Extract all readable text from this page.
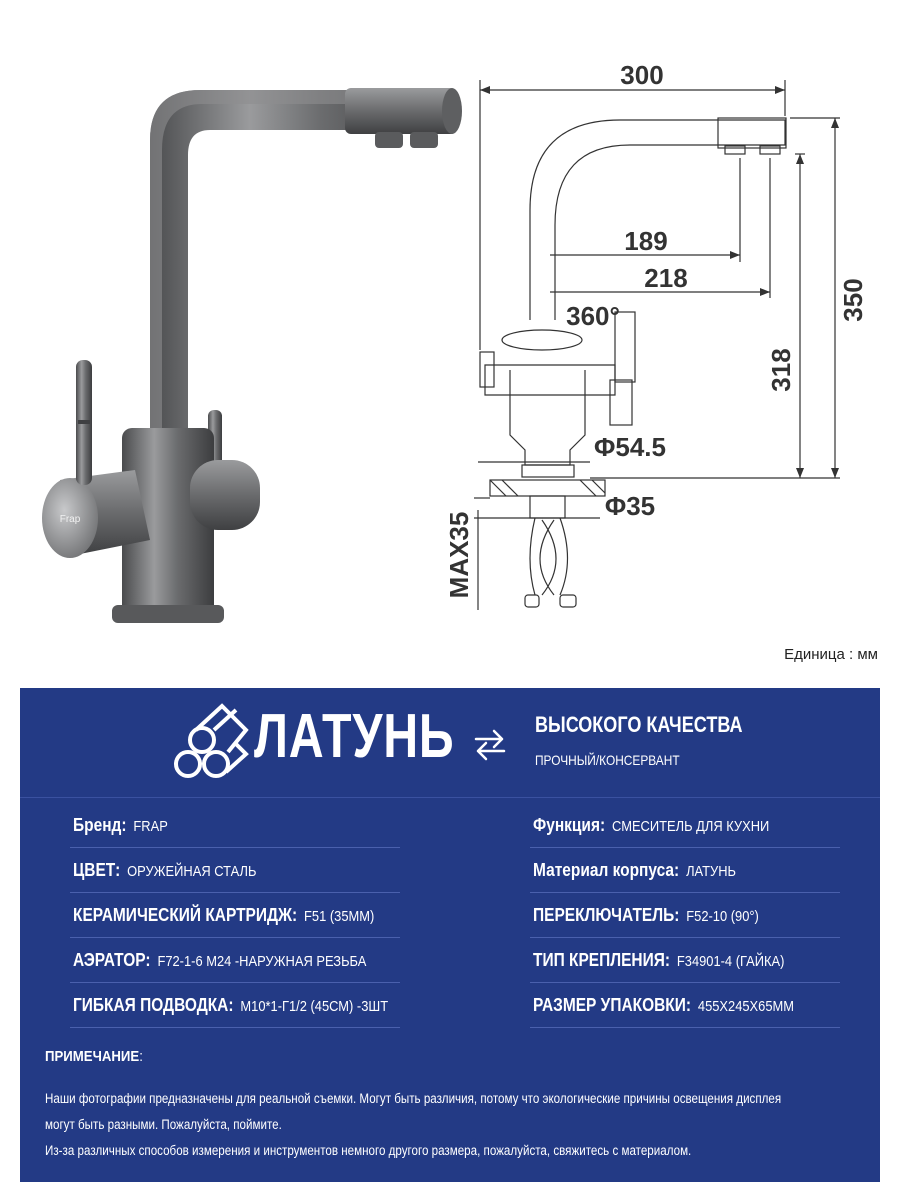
Frap
300
189
218
360°
Φ54.5
Φ35
350
318
MAX35
Единица : мм
ЛАТУНЬ	ВЫСОКОГО КАЧЕСТВА
ПРОЧНЫЙ/КОНСЕРВАНТ
Бренд: FRAP	Функция: СМЕСИТЕЛЬ ДЛЯ КУХНИ
ЦВЕТ: ОРУЖЕЙНАЯ СТАЛЬ	Материал корпуса: ЛАТУНЬ
КЕРАМИЧЕСКИЙ КАРТРИДЖ: F51 (35ММ)	ПЕРЕКЛЮЧАТЕЛЬ: F52-10 (90°)
АЭРАТОР: F72-1-6 M24 -НАРУЖНАЯ РЕЗЬБА	ТИП КРЕПЛЕНИЯ: F34901-4 (ГАЙКА)
ГИБКАЯ ПОДВОДКА: M10*1-Г1/2 (45СМ) -3ШТ	РАЗМЕР УПАКОВКИ: 455X245X65ММ
ПРИМЕЧАНИЕ:
Наши фотографии предназначены для реальной съемки. Могут быть различия, потому что экологические причины освещения дисплея
могут быть разными. Пожалуйста, поймите.
Из-за различных способов измерения и инструментов немного другого размера, пожалуйста, свяжитесь с материалом.
